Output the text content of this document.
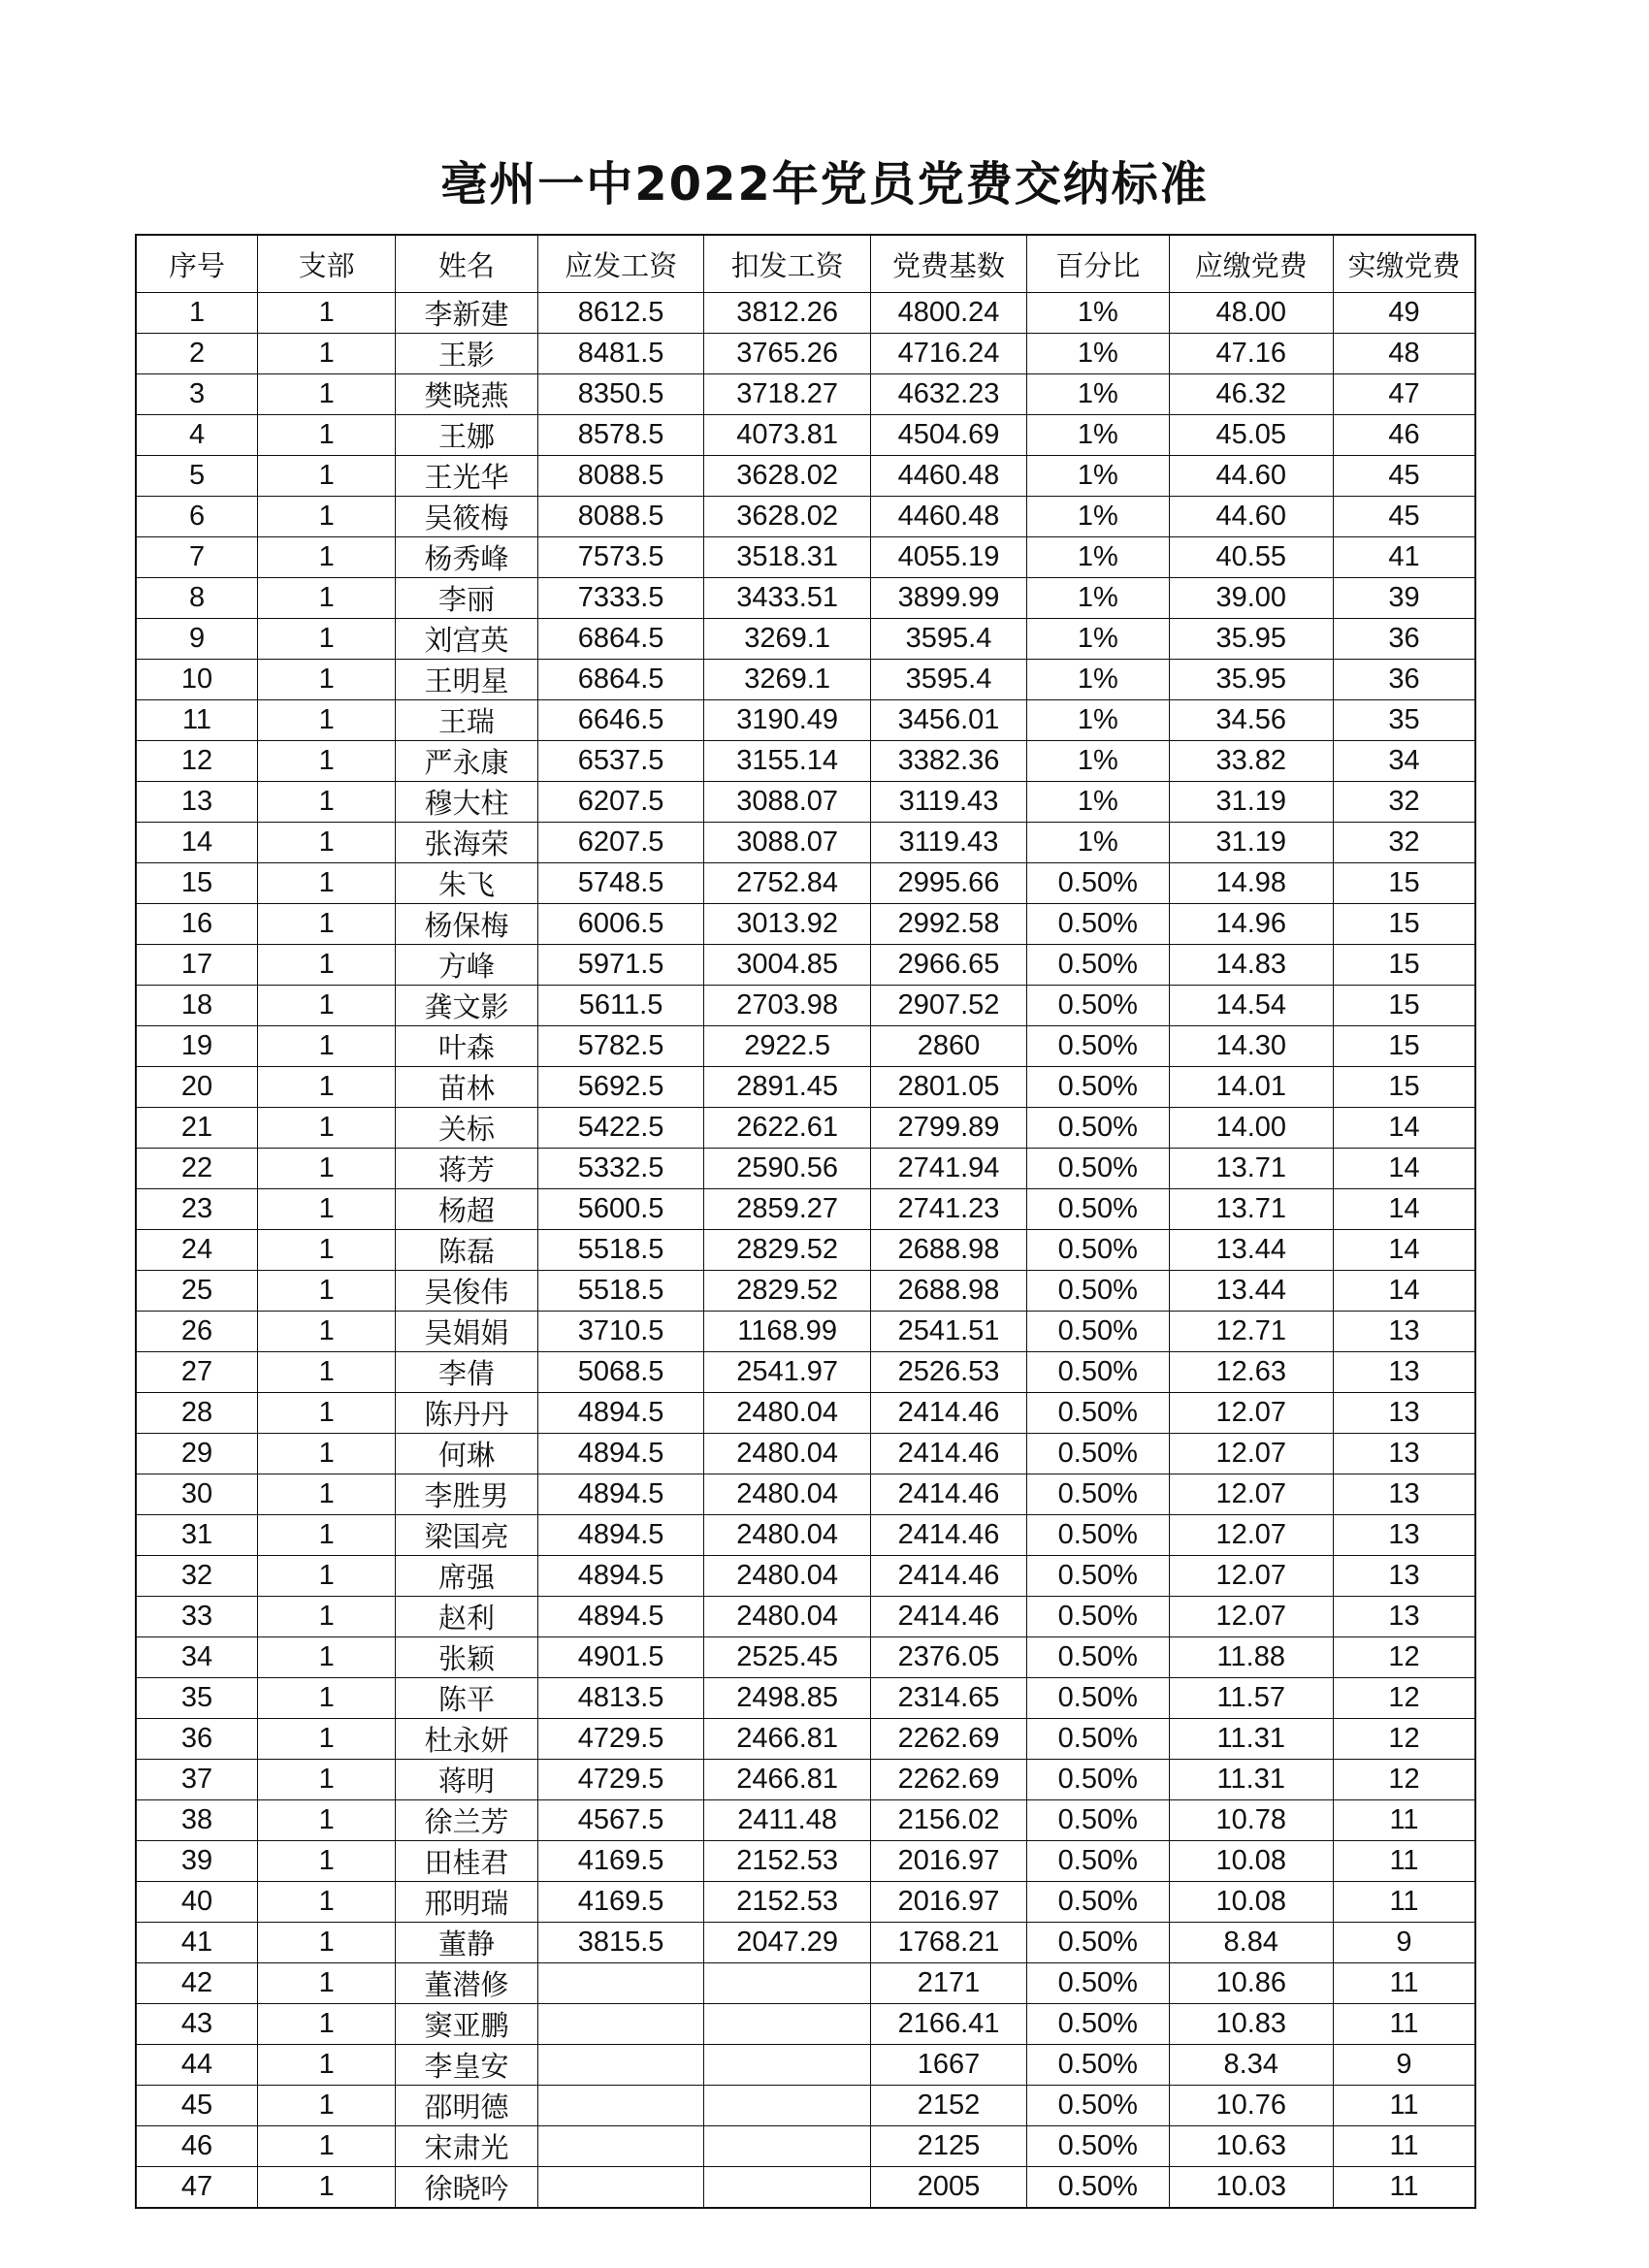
亳州一中2022年党员党费交纳标准
序号	支部	姓名	应发工资	扣发工资	党费基数	百分比	应缴党费	实缴党费
1	1	李新建	8612.5	3812.26	4800.24	1%	48.00	49
2	1	王影	8481.5	3765.26	4716.24	1%	47.16	48
3	1	樊晓燕	8350.5	3718.27	4632.23	1%	46.32	47
4	1	王娜	8578.5	4073.81	4504.69	1%	45.05	46
5	1	王光华	8088.5	3628.02	4460.48	1%	44.60	45
6	1	吴筱梅	8088.5	3628.02	4460.48	1%	44.60	45
7	1	杨秀峰	7573.5	3518.31	4055.19	1%	40.55	41
8	1	李丽	7333.5	3433.51	3899.99	1%	39.00	39
9	1	刘宫英	6864.5	3269.1	3595.4	1%	35.95	36
10	1	王明星	6864.5	3269.1	3595.4	1%	35.95	36
11	1	王瑞	6646.5	3190.49	3456.01	1%	34.56	35
12	1	严永康	6537.5	3155.14	3382.36	1%	33.82	34
13	1	穆大柱	6207.5	3088.07	3119.43	1%	31.19	32
14	1	张海荣	6207.5	3088.07	3119.43	1%	31.19	32
15	1	朱飞	5748.5	2752.84	2995.66	0.50%	14.98	15
16	1	杨保梅	6006.5	3013.92	2992.58	0.50%	14.96	15
17	1	方峰	5971.5	3004.85	2966.65	0.50%	14.83	15
18	1	龚文影	5611.5	2703.98	2907.52	0.50%	14.54	15
19	1	叶森	5782.5	2922.5	2860	0.50%	14.30	15
20	1	苗林	5692.5	2891.45	2801.05	0.50%	14.01	15
21	1	关标	5422.5	2622.61	2799.89	0.50%	14.00	14
22	1	蒋芳	5332.5	2590.56	2741.94	0.50%	13.71	14
23	1	杨超	5600.5	2859.27	2741.23	0.50%	13.71	14
24	1	陈磊	5518.5	2829.52	2688.98	0.50%	13.44	14
25	1	吴俊伟	5518.5	2829.52	2688.98	0.50%	13.44	14
26	1	吴娟娟	3710.5	1168.99	2541.51	0.50%	12.71	13
27	1	李倩	5068.5	2541.97	2526.53	0.50%	12.63	13
28	1	陈丹丹	4894.5	2480.04	2414.46	0.50%	12.07	13
29	1	何琳	4894.5	2480.04	2414.46	0.50%	12.07	13
30	1	李胜男	4894.5	2480.04	2414.46	0.50%	12.07	13
31	1	梁国亮	4894.5	2480.04	2414.46	0.50%	12.07	13
32	1	席强	4894.5	2480.04	2414.46	0.50%	12.07	13
33	1	赵利	4894.5	2480.04	2414.46	0.50%	12.07	13
34	1	张颖	4901.5	2525.45	2376.05	0.50%	11.88	12
35	1	陈平	4813.5	2498.85	2314.65	0.50%	11.57	12
36	1	杜永妍	4729.5	2466.81	2262.69	0.50%	11.31	12
37	1	蒋明	4729.5	2466.81	2262.69	0.50%	11.31	12
38	1	徐兰芳	4567.5	2411.48	2156.02	0.50%	10.78	11
39	1	田桂君	4169.5	2152.53	2016.97	0.50%	10.08	11
40	1	邢明瑞	4169.5	2152.53	2016.97	0.50%	10.08	11
41	1	董静	3815.5	2047.29	1768.21	0.50%	8.84	9
42	1	董潜修			2171	0.50%	10.86	11
43	1	窦亚鹏			2166.41	0.50%	10.83	11
44	1	李皇安			1667	0.50%	8.34	9
45	1	邵明德			2152	0.50%	10.76	11
46	1	宋肃光			2125	0.50%	10.63	11
47	1	徐晓吟			2005	0.50%	10.03	11
